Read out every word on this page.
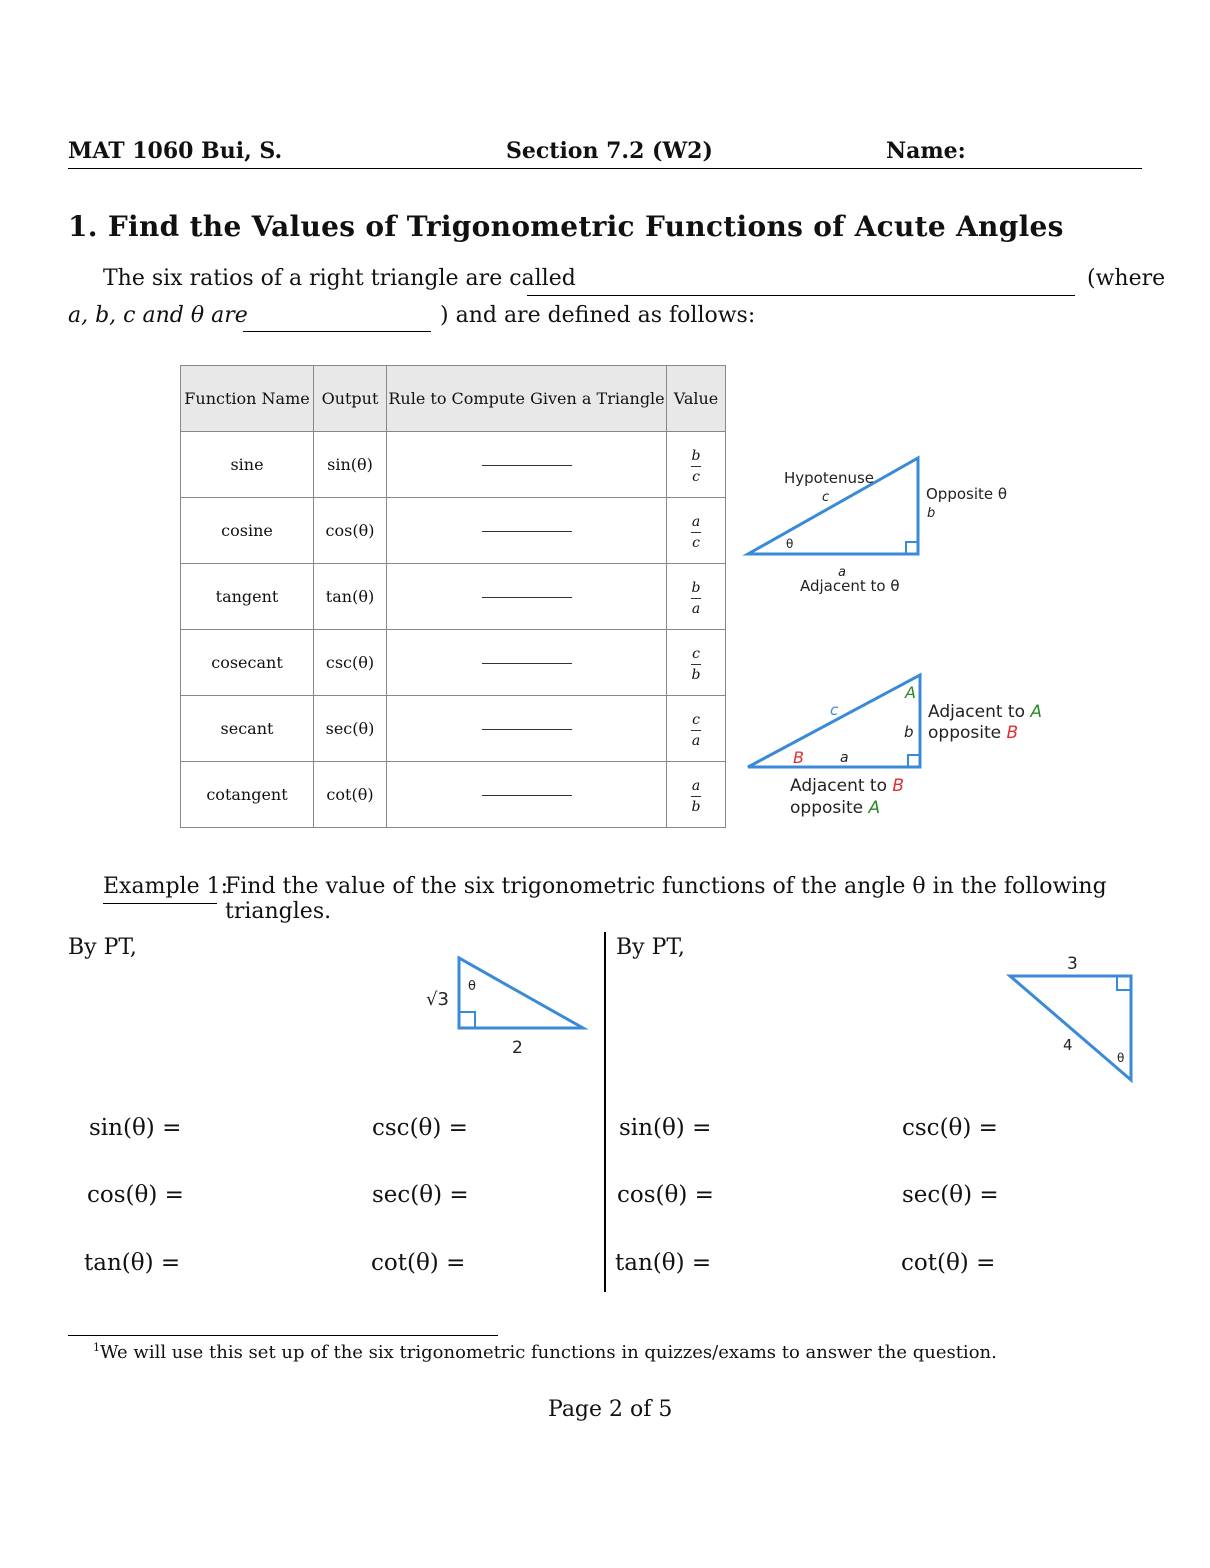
MAT 1060 Bui, S.	Section 7.2 (W2)	Name:
1. Find the Values of Trigonometric Functions of Acute Angles
The six ratios of a right triangle are called	(where
a, b, c and θ are	) and are defined as follows:
Function Name	Output	Rule to Compute Given a Triangle	Value
sine	sin(θ)		$\frac{b}{c}$

cosine	cos(θ)		$\frac{a}{c}$

tangent	tan(θ)		$\frac{b}{a}$

cosecant	csc(θ)		$\frac{c}{b}$

secant	sec(θ)		$\frac{c}{a}$

cotangent	cot(θ)		$\frac{a}{b}$
Hypotenuse
c	Opposite θ
b
θ
a
Adjacent to θ
c
A
b
B	a
Adjacent to A
opposite B
Adjacent to B
opposite A
Example 1:
Find the value of the six trigonometric functions of the angle θ in the following triangles.
By PT,
√3
θ
2
sin(θ) =
cos(θ) =
tan(θ) =
csc(θ) =
sec(θ) =
cot(θ) =
By PT,
3
4
θ
sin(θ) =
cos(θ) =
tan(θ) =
csc(θ) =
sec(θ) =
cot(θ) =
$^1$We will use this set up of the six trigonometric functions in quizzes/exams to answer the question.
Page 2 of 5
